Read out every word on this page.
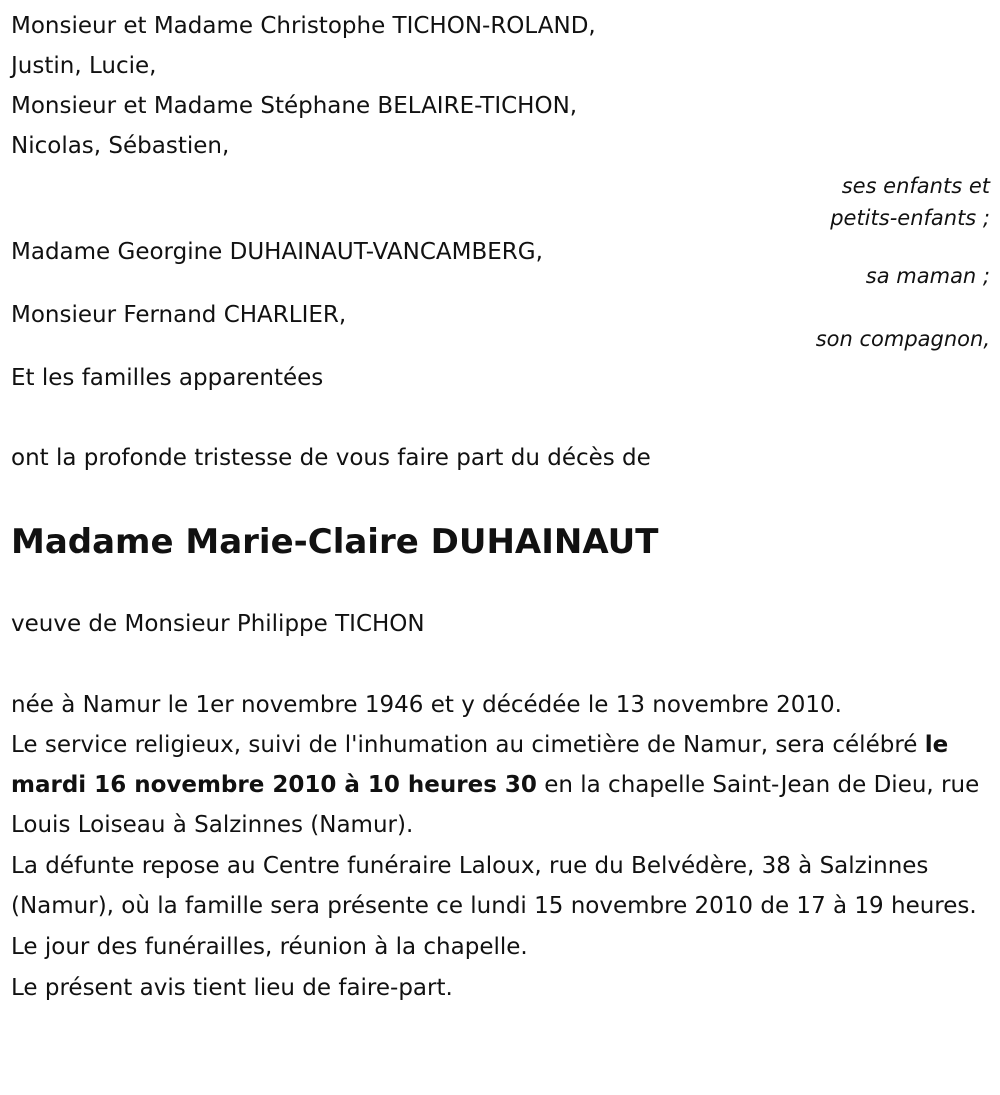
Monsieur et Madame Christophe TICHON-ROLAND,
Justin, Lucie,
Monsieur et Madame Stéphane BELAIRE-TICHON,
Nicolas, Sébastien,
ses enfants et
petits-enfants ;
Madame Georgine DUHAINAUT-VANCAMBERG,
sa maman ;
Monsieur Fernand CHARLIER,
son compagnon,
Et les familles apparentées
ont la profonde tristesse de vous faire part du décès de
Madame Marie-Claire DUHAINAUT
veuve de Monsieur Philippe TICHON
née à Namur le 1er novembre 1946 et y décédée le 13 novembre 2010.
Le service religieux, suivi de l'inhumation au cimetière de Namur, sera célébré le mardi 16 novembre 2010 à 10 heures 30 en la chapelle Saint-Jean de Dieu, rue Louis Loiseau à Salzinnes (Namur).
La défunte repose au Centre funéraire Laloux, rue du Belvédère, 38 à Salzinnes (Namur), où la famille sera présente ce lundi 15 novembre 2010 de 17 à 19 heures.
Le jour des funérailles, réunion à la chapelle.
Le présent avis tient lieu de faire-part.
